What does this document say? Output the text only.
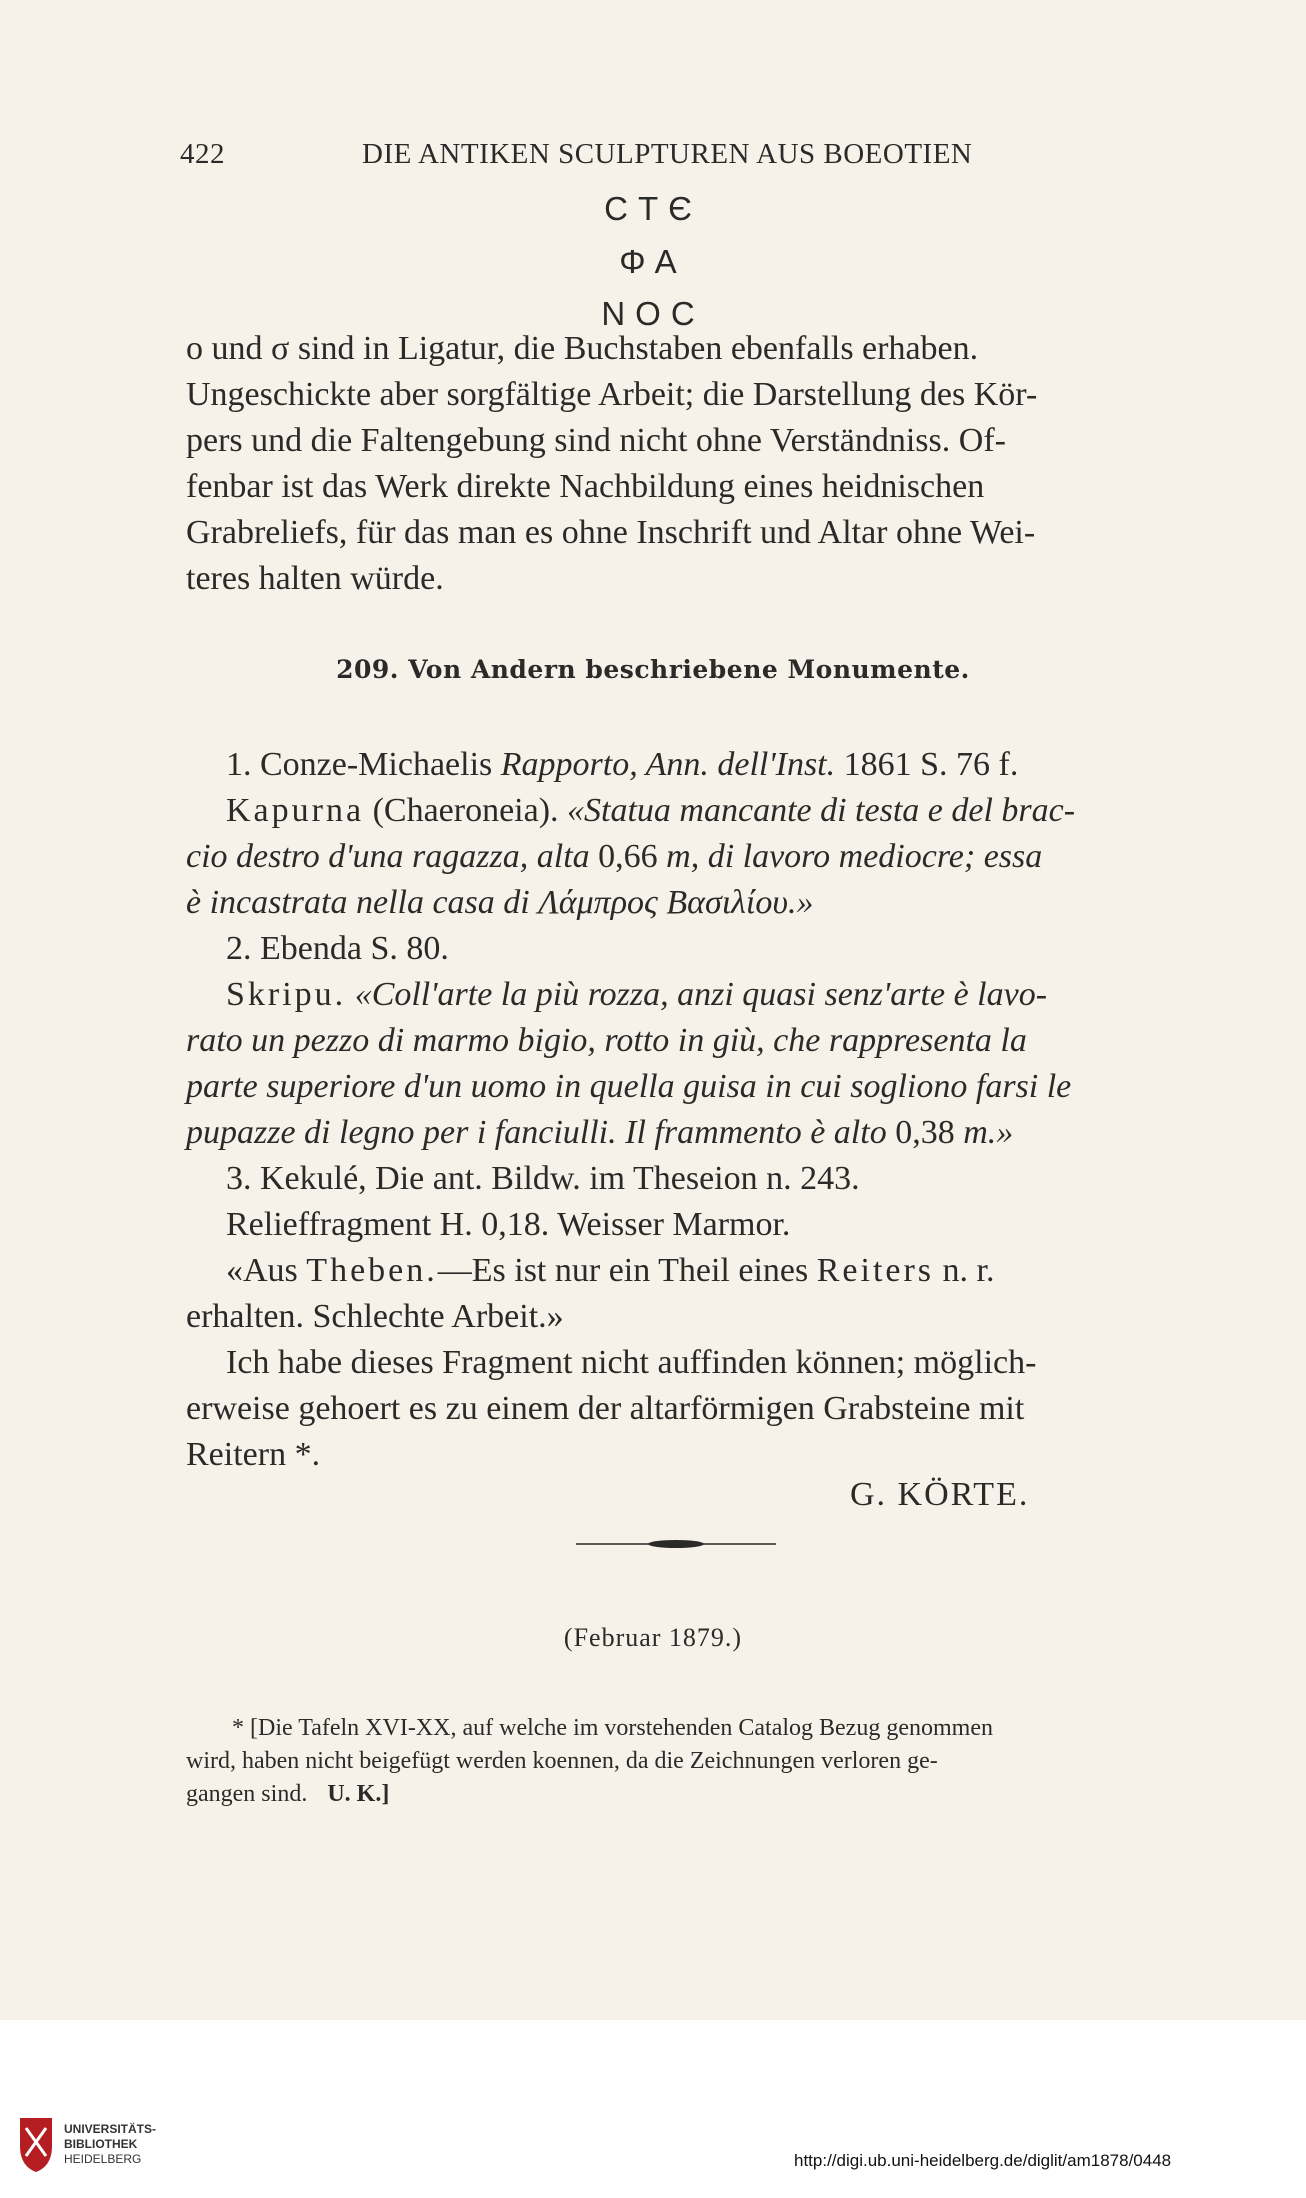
422	DIE ANTIKEN SCULPTUREN AUS BOEOTIEN
CTЄ
ΦΑ
NOC
o und σ sind in Ligatur, die Buchstaben ebenfalls erhaben.
Ungeschickte aber sorgfältige Arbeit; die Darstellung des Kör-
pers und die Faltengebung sind nicht ohne Verständniss. Of-
fenbar ist das Werk direkte Nachbildung eines heidnischen
Grabreliefs, für das man es ohne Inschrift und Altar ohne Wei-
teres halten würde.
209. Von Andern beschriebene Monumente.
1. Conze-Michaelis Rapporto, Ann. dell'Inst. 1861 S. 76 f.
Kapurna (Chaeroneia). «Statua mancante di testa e del brac-
cio destro d'una ragazza, alta 0,66 m, di lavoro mediocre; essa
è incastrata nella casa di Λάμπρος Βασιλίου.»
2. Ebenda S. 80.
Skripu. «Coll'arte la più rozza, anzi quasi senz'arte è lavo-
rato un pezzo di marmo bigio, rotto in giù, che rappresenta la
parte superiore d'un uomo in quella guisa in cui sogliono farsi le
pupazze di legno per i fanciulli. Il frammento è alto 0,38 m.»
3. Kekulé, Die ant. Bildw. im Theseion n. 243.
Relieffragment H. 0,18. Weisser Marmor.
«Aus Theben.—Es ist nur ein Theil eines Reiters n. r.
erhalten. Schlechte Arbeit.»
Ich habe dieses Fragment nicht auffinden können; möglich-
erweise gehoert es zu einem der altarförmigen Grabsteine mit
Reitern *.
G. KÖRTE.
(Februar 1879.)
* [Die Tafeln XVI-XX, auf welche im vorstehenden Catalog Bezug genommen
wird, haben nicht beigefügt werden koennen, da die Zeichnungen verloren ge-
gangen sind. U. K.]
UNIVERSITÄTS-
BIBLIOTHEK
HEIDELBERG	http://digi.ub.uni-heidelberg.de/diglit/am1878/0448
